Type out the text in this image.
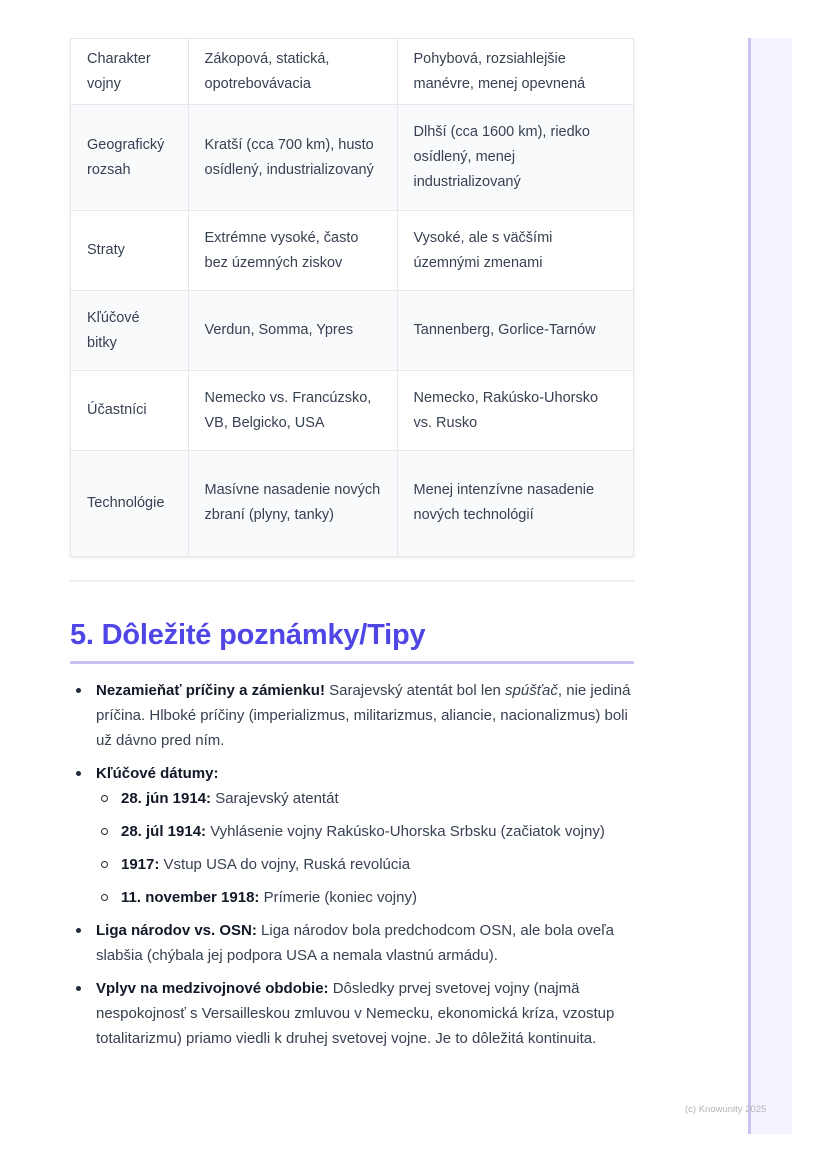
Charakter vojny	Zákopová, statická, opotrebovávacia	Pohybová, rozsiahlejšie manévre, menej opevnená
Geografický rozsah	Kratší (cca 700 km), husto osídlený, industrializovaný	Dlhší (cca 1600 km), riedko osídlený, menej industrializovaný
Straty	Extrémne vysoké, často bez územných ziskov	Vysoké, ale s väčšími územnými zmenami
Kľúčové bitky	Verdun, Somma, Ypres	Tannenberg, Gorlice-Tarnów
Účastníci	Nemecko vs. Francúzsko, VB, Belgicko, USA	Nemecko, Rakúsko-Uhorsko vs. Rusko
Technológie	Masívne nasadenie nových zbraní (plyny, tanky)	Menej intenzívne nasadenie nových technológií
5. Dôležité poznámky/Tipy
Nezamieňať príčiny a zámienku! Sarajevský atentát bol len spúšťač, nie jediná príčina. Hlboké príčiny (imperializmus, militarizmus, aliancie, nacionalizmus) boli už dávno pred ním.
Kľúčové dátumy:
28. jún 1914: Sarajevský atentát
28. júl 1914: Vyhlásenie vojny Rakúsko-Uhorska Srbsku (začiatok vojny)
1917: Vstup USA do vojny, Ruská revolúcia
11. november 1918: Prímerie (koniec vojny)
Liga národov vs. OSN: Liga národov bola predchodcom OSN, ale bola oveľa slabšia (chýbala jej podpora USA a nemala vlastnú armádu).
Vplyv na medzivojnové obdobie: Dôsledky prvej svetovej vojny (najmä nespokojnosť s Versailleskou zmluvou v Nemecku, ekonomická kríza, vzostup totalitarizmu) priamo viedli k druhej svetovej vojne. Je to dôležitá kontinuita.
(c) Knowunity 2025
